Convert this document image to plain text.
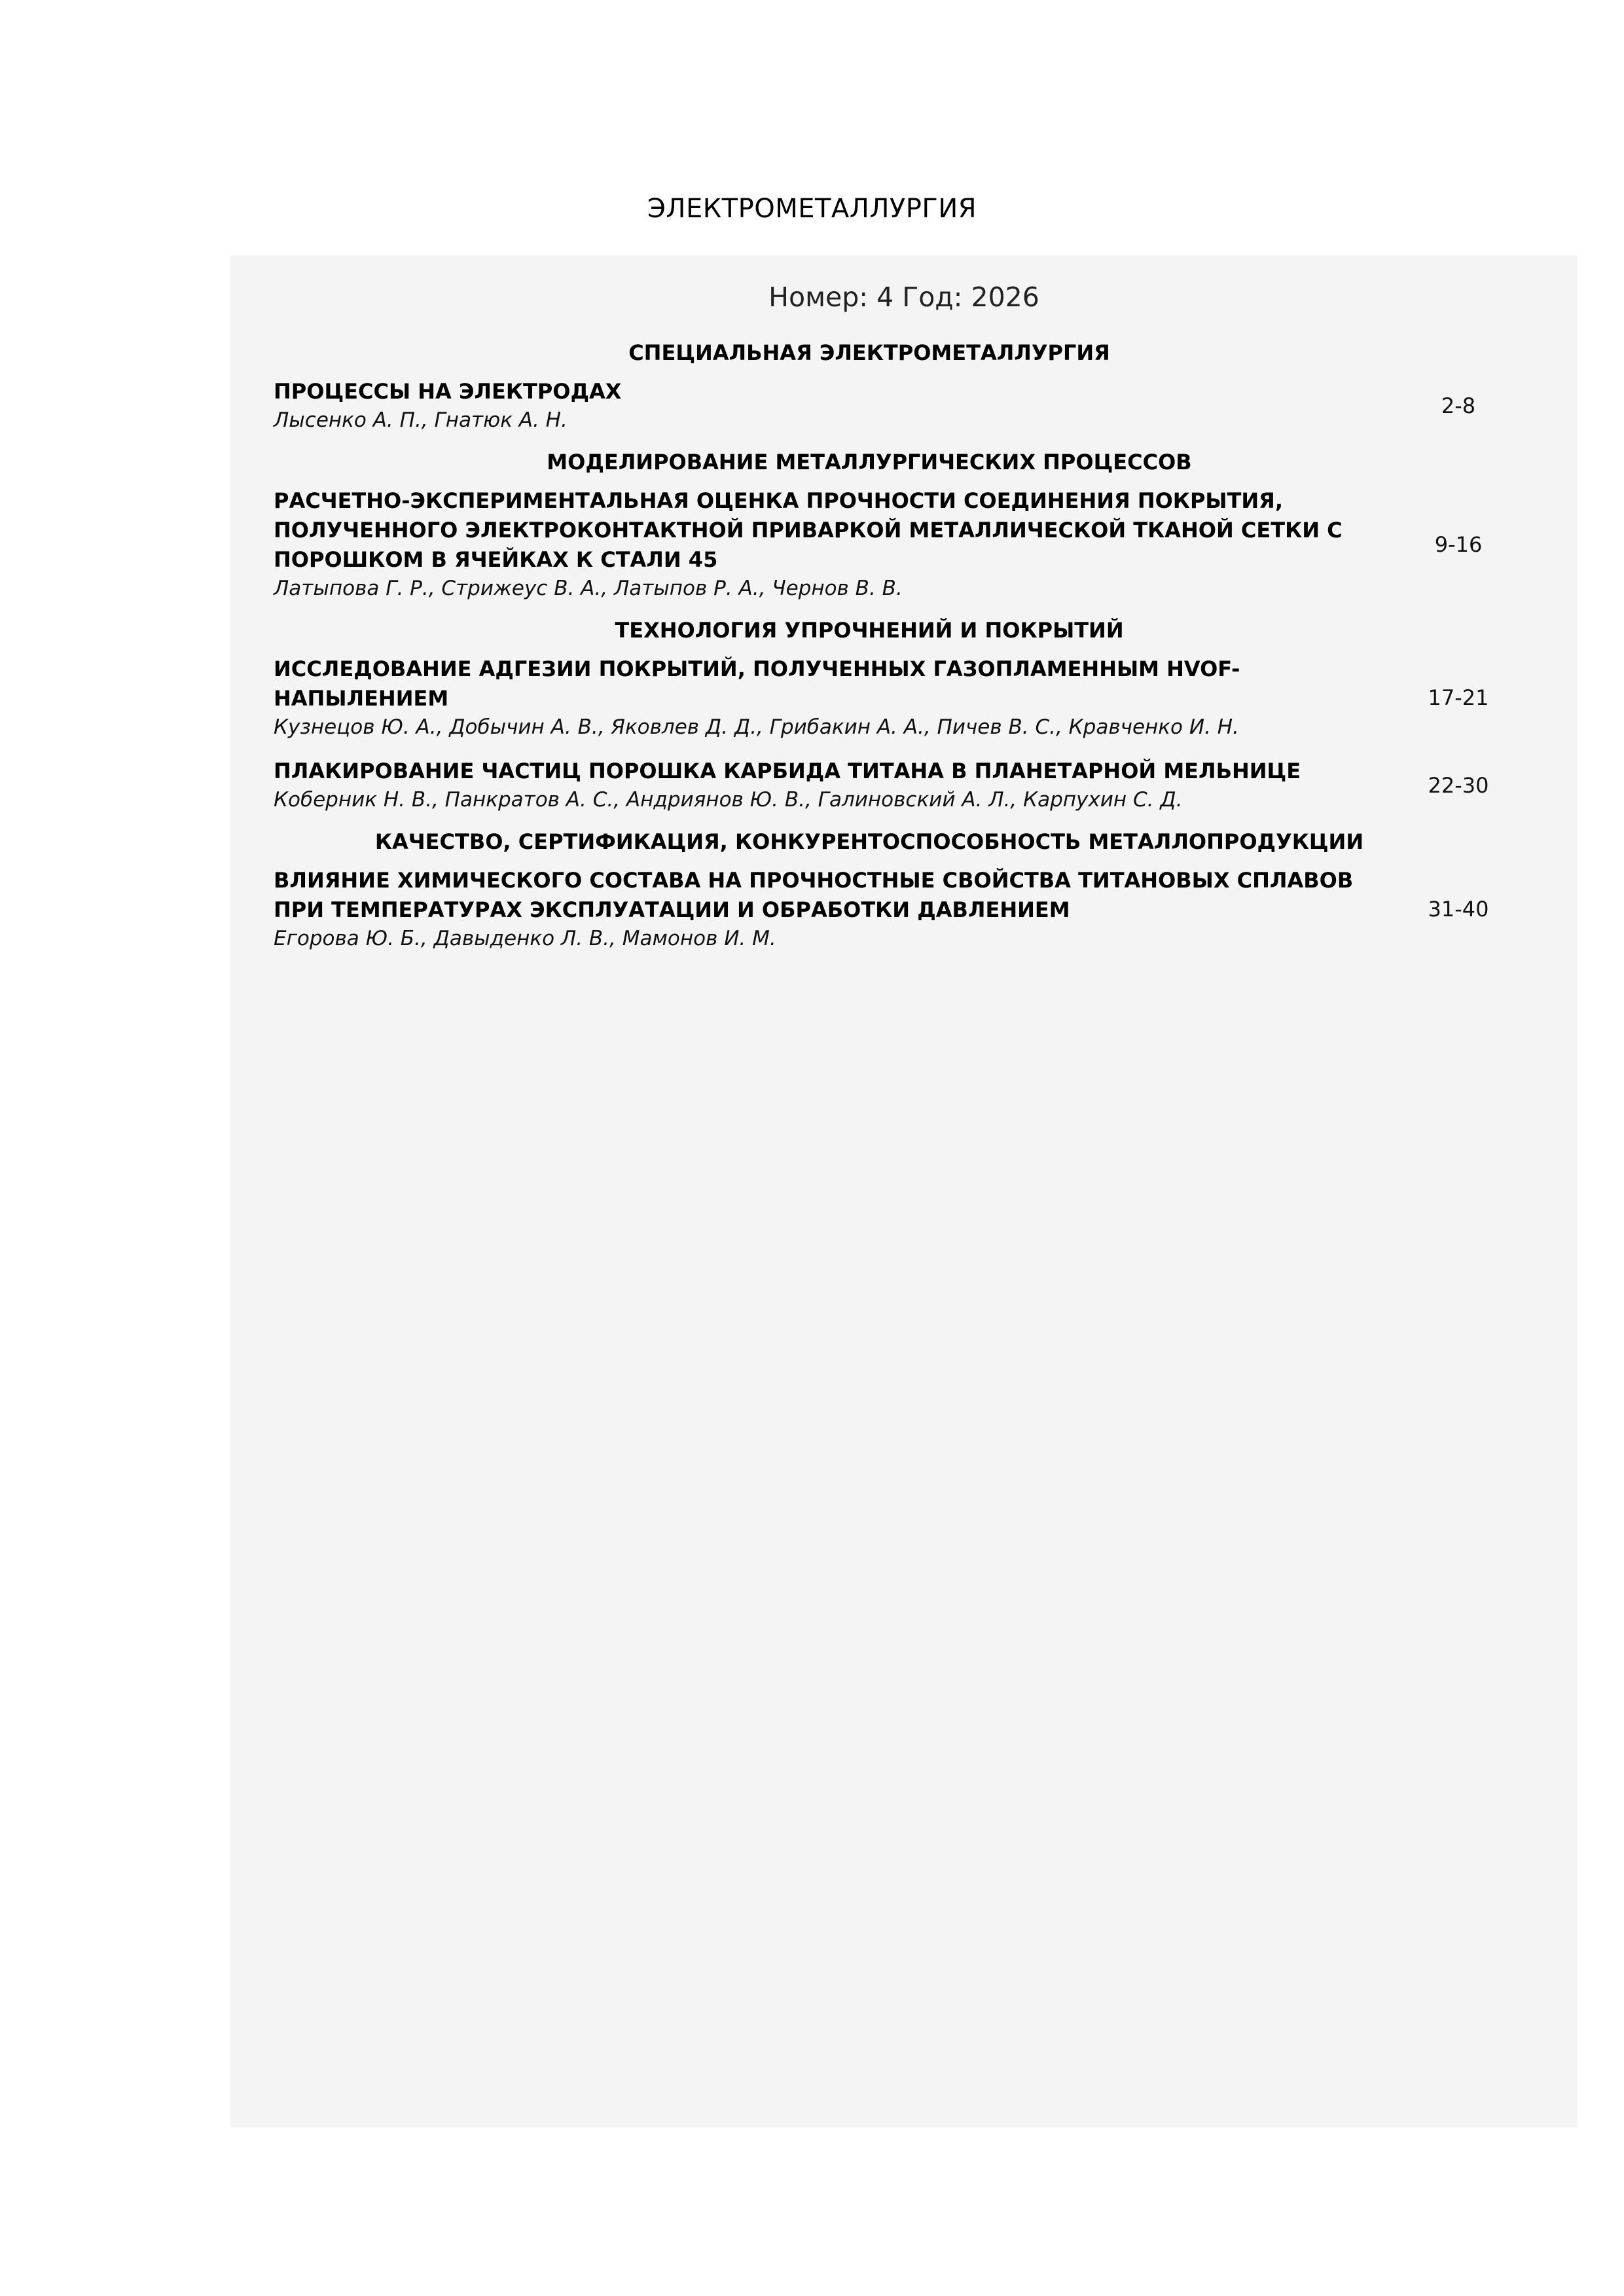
ЭЛЕКТРОМЕТАЛЛУРГИЯ
Номер: 4 Год: 2026
СПЕЦИАЛЬНАЯ ЭЛЕКТРОМЕТАЛЛУРГИЯ
ПРОЦЕССЫ НА ЭЛЕКТРОДАХ
Лысенко А. П., Гнатюк А. Н.
2-8
МОДЕЛИРОВАНИЕ МЕТАЛЛУРГИЧЕСКИХ ПРОЦЕССОВ
РАСЧЕТНО-ЭКСПЕРИМЕНТАЛЬНАЯ ОЦЕНКА ПРОЧНОСТИ СОЕДИНЕНИЯ ПОКРЫТИЯ, ПОЛУЧЕННОГО ЭЛЕКТРОКОНТАКТНОЙ ПРИВАРКОЙ МЕТАЛЛИЧЕСКОЙ ТКАНОЙ СЕТКИ С ПОРОШКОМ В ЯЧЕЙКАХ К СТАЛИ 45
Латыпова Г. Р., Стрижеус В. А., Латыпов Р. А., Чернов В. В.
9-16
ТЕХНОЛОГИЯ УПРОЧНЕНИЙ И ПОКРЫТИЙ
ИССЛЕДОВАНИЕ АДГЕЗИИ ПОКРЫТИЙ, ПОЛУЧЕННЫХ ГАЗОПЛАМЕННЫМ HVOF-НАПЫЛЕНИЕМ
Кузнецов Ю. А., Добычин А. В., Яковлев Д. Д., Грибакин А. А., Пичев В. С., Кравченко И. Н.
17-21
ПЛАКИРОВАНИЕ ЧАСТИЦ ПОРОШКА КАРБИДА ТИТАНА В ПЛАНЕТАРНОЙ МЕЛЬНИЦЕ
Коберник Н. В., Панкратов А. С., Андриянов Ю. В., Галиновский А. Л., Карпухин С. Д.
22-30
КАЧЕСТВО, СЕРТИФИКАЦИЯ, КОНКУРЕНТОСПОСОБНОСТЬ МЕТАЛЛОПРОДУКЦИИ
ВЛИЯНИЕ ХИМИЧЕСКОГО СОСТАВА НА ПРОЧНОСТНЫЕ СВОЙСТВА ТИТАНОВЫХ СПЛАВОВ ПРИ ТЕМПЕРАТУРАХ ЭКСПЛУАТАЦИИ И ОБРАБОТКИ ДАВЛЕНИЕМ
Егорова Ю. Б., Давыденко Л. В., Мамонов И. М.
31-40
